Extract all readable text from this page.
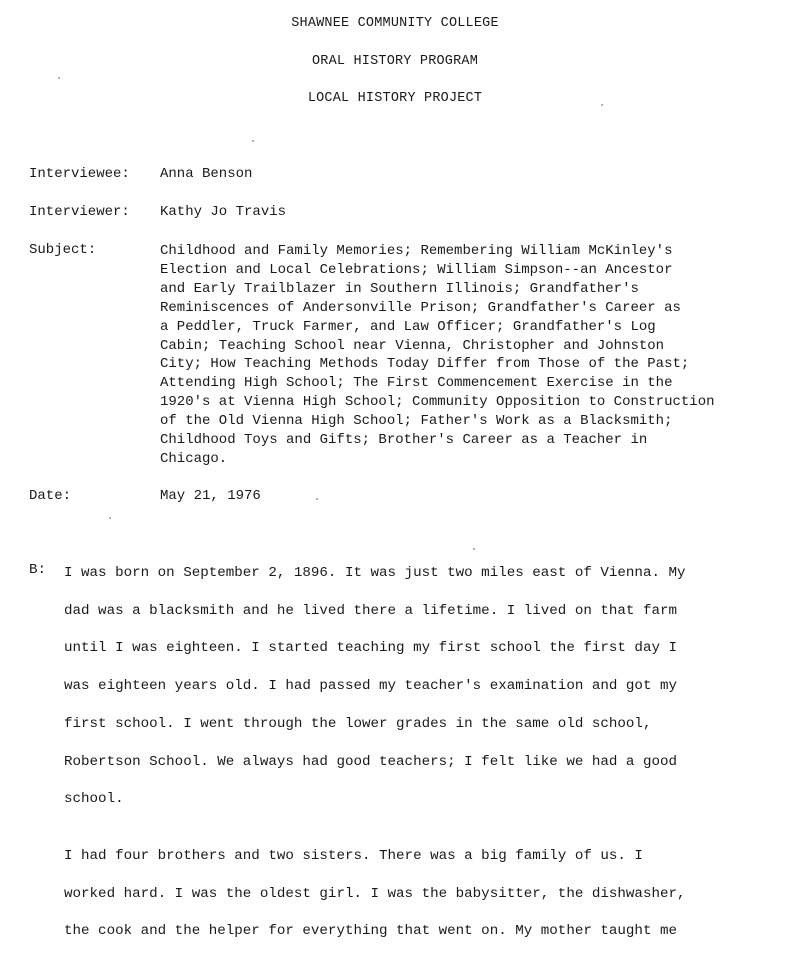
SHAWNEE COMMUNITY COLLEGE
ORAL HISTORY PROGRAM
LOCAL HISTORY PROJECT
Interviewee: Anna Benson
Interviewer: Kathy Jo Travis
Subject:	Childhood and Family Memories; Remembering William McKinley's
Election and Local Celebrations; William Simpson--an Ancestor
and Early Trailblazer in Southern Illinois; Grandfather's
Reminiscences of Andersonville Prison; Grandfather's Career as
a Peddler, Truck Farmer, and Law Officer; Grandfather's Log
Cabin; Teaching School near Vienna, Christopher and Johnston
City; How Teaching Methods Today Differ from Those of the Past;
Attending High School; The First Commencement Exercise in the
1920's at Vienna High School; Community Opposition to Construction
of the Old Vienna High School; Father's Work as a Blacksmith;
Childhood Toys and Gifts; Brother's Career as a Teacher in
Chicago.
Date:	May 21, 1976
B: I was born on September 2, 1896. It was just two miles east of Vienna. My
dad was a blacksmith and he lived there a lifetime. I lived on that farm
until I was eighteen. I started teaching my first school the first day I
was eighteen years old. I had passed my teacher's examination and got my
first school. I went through the lower grades in the same old school,
Robertson School. We always had good teachers; I felt like we had a good
school.
I had four brothers and two sisters. There was a big family of us. I
worked hard. I was the oldest girl. I was the babysitter, the dishwasher,
the cook and the helper for everything that went on. My mother taught me
